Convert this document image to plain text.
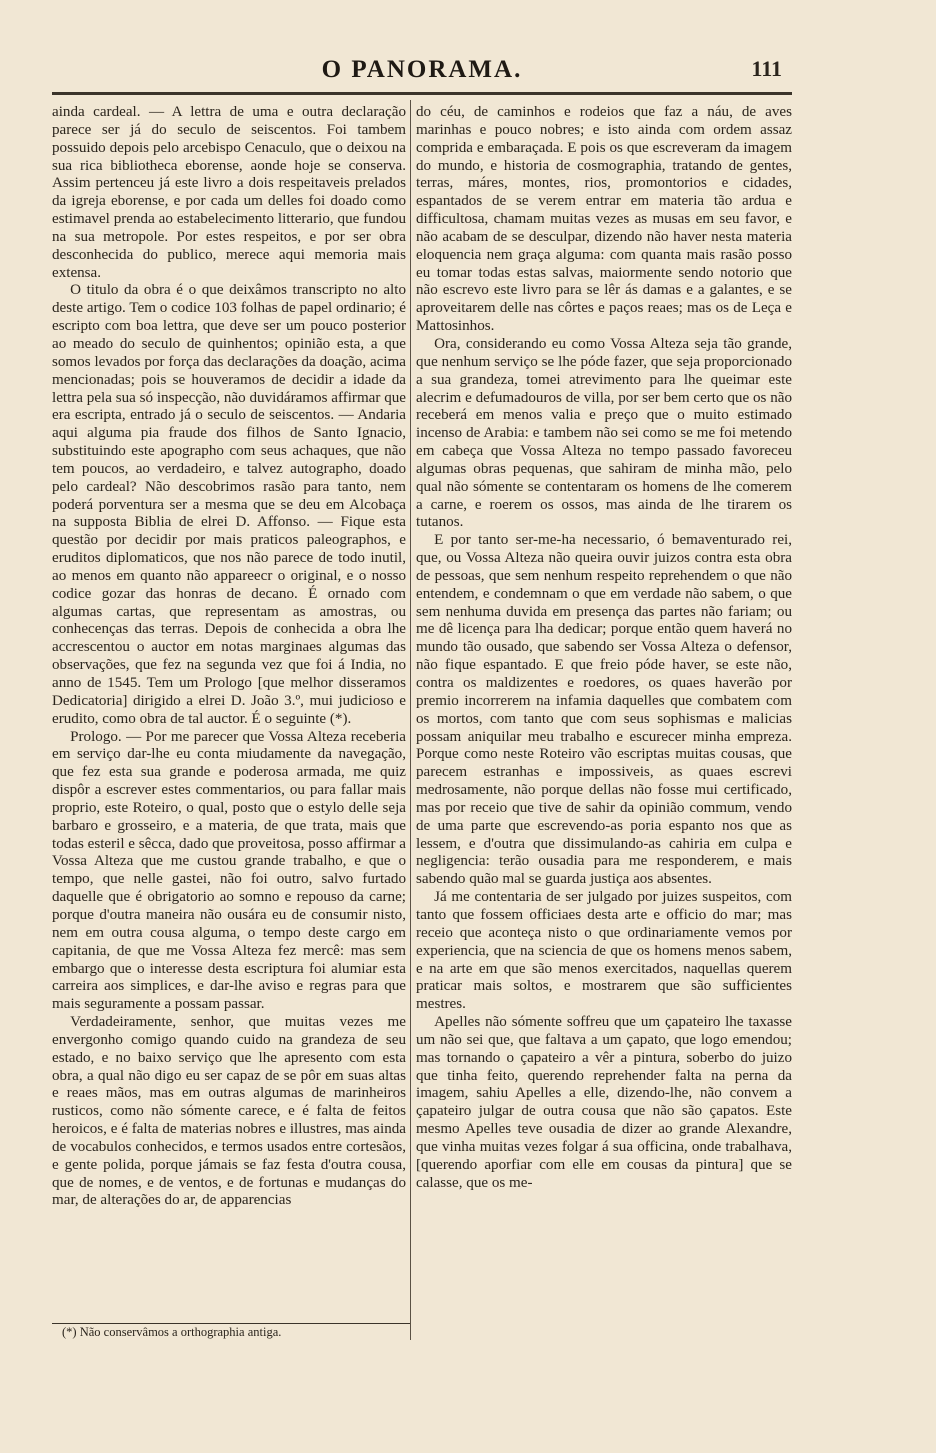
O PANORAMA.	111

ainda cardeal. — A lettra de uma e outra declaração parece ser já do seculo de seiscentos. Foi tambem possuido depois pelo arcebispo Cenaculo, que o deixou na sua rica bibliotheca eborense, aonde hoje se conserva. Assim pertenceu já este livro a dois respeitaveis prelados da igreja eborense, e por cada um delles foi doado como estimavel prenda ao estabelecimento litterario, que fundou na sua metropole. Por estes respeitos, e por ser obra desconhecida do publico, merece aqui memoria mais extensa.

O titulo da obra é o que deixâmos transcripto no alto deste artigo. Tem o codice 103 folhas de papel ordinario; é escripto com boa lettra, que deve ser um pouco posterior ao meado do seculo de quinhentos; opinião esta, a que somos levados por força das declarações da doação, acima mencionadas; pois se houveramos de decidir a idade da lettra pela sua só inspecção, não duvidáramos affirmar que era escripta, entrado já o seculo de seiscentos. — Andaria aqui alguma pia fraude dos filhos de Santo Ignacio, substituindo este apographo com seus achaques, que não tem poucos, ao verdadeiro, e talvez autographo, doado pelo cardeal? Não descobrimos rasão para tanto, nem poderá porventura ser a mesma que se deu em Alcobaça na supposta Biblia de elrei D. Affonso. — Fique esta questão por decidir por mais praticos paleographos, e eruditos diplomaticos, que nos não parece de todo inutil, ao menos em quanto não appareecr o original, e o nosso codice gozar das honras de decano. É ornado com algumas cartas, que representam as amostras, ou conhecenças das terras. Depois de conhecida a obra lhe accrescentou o auctor em notas marginaes algumas das observações, que fez na segunda vez que foi á India, no anno de 1545. Tem um Prologo [que melhor disseramos Dedicatoria] dirigido a elrei D. João 3.º, mui judicioso e erudito, como obra de tal auctor. É o seguinte (*).

Prologo. — Por me parecer que Vossa Alteza receberia em serviço dar-lhe eu conta miudamente da navegação, que fez esta sua grande e poderosa armada, me quiz dispôr a escrever estes commentarios, ou para fallar mais proprio, este Roteiro, o qual, posto que o estylo delle seja barbaro e grosseiro, e a materia, de que trata, mais que todas esteril e sêcca, dado que proveitosa, posso affirmar a Vossa Alteza que me custou grande trabalho, e que o tempo, que nelle gastei, não foi outro, salvo furtado daquelle que é obrigatorio ao somno e repouso da carne; porque d'outra maneira não ousára eu de consumir nisto, nem em outra cousa alguma, o tempo deste cargo em capitania, de que me Vossa Alteza fez mercê: mas sem embargo que o interesse desta escriptura foi alumiar esta carreira aos simplices, e dar-lhe aviso e regras para que mais seguramente a possam passar.

Verdadeiramente, senhor, que muitas vezes me envergonho comigo quando cuido na grandeza de seu estado, e no baixo serviço que lhe apresento com esta obra, a qual não digo eu ser capaz de se pôr em suas altas e reaes mãos, mas em outras algumas de marinheiros rusticos, como não sómente carece, e é falta de feitos heroicos, e é falta de materias nobres e illustres, mas ainda de vocabulos conhecidos, e termos usados entre cortesãos, e gente polida, porque jámais se faz festa d'outra cousa, que de nomes, e de ventos, e de fortunas e mudanças do mar, de alterações do ar, de apparencias

do céu, de caminhos e rodeios que faz a náu, de aves marinhas e pouco nobres; e isto ainda com ordem assaz comprida e embaraçada. E pois os que escreveram da imagem do mundo, e historia de cosmographia, tratando de gentes, terras, máres, montes, rios, promontorios e cidades, espantados de se verem entrar em materia tão ardua e difficultosa, chamam muitas vezes as musas em seu favor, e não acabam de se desculpar, dizendo não haver nesta materia eloquencia nem graça alguma: com quanta mais rasão posso eu tomar todas estas salvas, maiormente sendo notorio que não escrevo este livro para se lêr ás damas e a galantes, e se aproveitarem delle nas côrtes e paços reaes; mas os de Leça e Mattosinhos.

Ora, considerando eu como Vossa Alteza seja tão grande, que nenhum serviço se lhe póde fazer, que seja proporcionado a sua grandeza, tomei atrevimento para lhe queimar este alecrim e defumadouros de villa, por ser bem certo que os não receberá em menos valia e preço que o muito estimado incenso de Arabia: e tambem não sei como se me foi metendo em cabeça que Vossa Alteza no tempo passado favoreceu algumas obras pequenas, que sahiram de minha mão, pelo qual não sómente se contentaram os homens de lhe comerem a carne, e roerem os ossos, mas ainda de lhe tirarem os tutanos.

E por tanto ser-me-ha necessario, ó bemaventurado rei, que, ou Vossa Alteza não queira ouvir juizos contra esta obra de pessoas, que sem nenhum respeito reprehendem o que não entendem, e condemnam o que em verdade não sabem, o que sem nenhuma duvida em presença das partes não fariam; ou me dê licença para lha dedicar; porque então quem haverá no mundo tão ousado, que sabendo ser Vossa Alteza o defensor, não fique espantado. E que freio póde haver, se este não, contra os maldizentes e roedores, os quaes haverão por premio incorrerem na infamia daquelles que combatem com os mortos, com tanto que com seus sophismas e malicias possam aniquilar meu trabalho e escurecer minha empreza. Porque como neste Roteiro vão escriptas muitas cousas, que parecem estranhas e impossiveis, as quaes escrevi medrosamente, não porque dellas não fosse mui certificado, mas por receio que tive de sahir da opinião commum, vendo de uma parte que escrevendo-as poria espanto nos que as lessem, e d'outra que dissimulando-as cahiria em culpa e negligencia: terão ousadia para me responderem, e mais sabendo quão mal se guarda justiça aos absentes.

Já me contentaria de ser julgado por juizes suspeitos, com tanto que fossem officiaes desta arte e officio do mar; mas receio que aconteça nisto o que ordinariamente vemos por experiencia, que na sciencia de que os homens menos sabem, e na arte em que são menos exercitados, naquellas querem praticar mais soltos, e mostrarem que são sufficientes mestres.

Apelles não sómente soffreu que um çapateiro lhe taxasse um não sei que, que faltava a um çapato, que logo emendou; mas tornando o çapateiro a vêr a pintura, soberbo do juizo que tinha feito, querendo reprehender falta na perna da imagem, sahiu Apelles a elle, dizendo-lhe, não convem a çapateiro julgar de outra cousa que não são çapatos. Este mesmo Apelles teve ousadia de dizer ao grande Alexandre, que vinha muitas vezes folgar á sua officina, onde trabalhava, [querendo aporfiar com elle em cousas da pintura] que se calasse, que os me-

(*) Não conservâmos a orthographia antiga.
